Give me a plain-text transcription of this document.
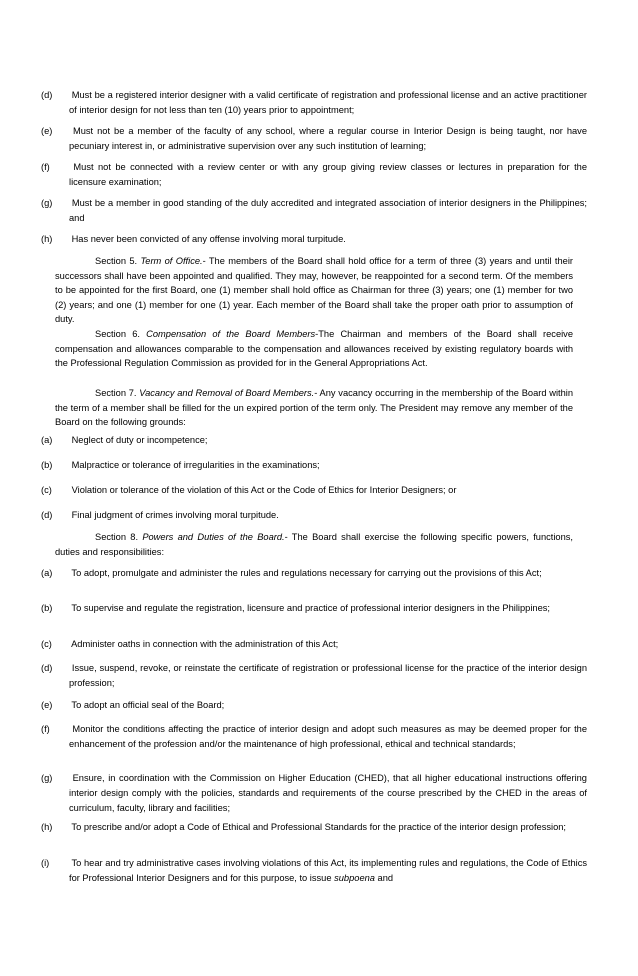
(d) Must be a registered interior designer with a valid certificate of registration and professional license and an active practitioner of interior design for not less than ten (10) years prior to appointment;

(e) Must not be a member of the faculty of any school, where a regular course in Interior Design is being taught, nor have pecuniary interest in, or administrative supervision over any such institution of learning;

(f)	Must not be connected with a review center or with any group giving review classes or lectures in preparation for the licensure examination;

(g) Must be a member in good standing of the duly accredited and integrated association of interior designers in the Philippines; and

(h) Has never been convicted of any offense involving moral turpitude.

Section 5. Term of Office.- The members of the Board shall hold office for a term of three (3) years and until their successors shall have been appointed and qualified. They may, however, be reappointed for a second term. Of the members to be appointed for the first Board, one (1) member shall hold office as Chairman for three (3) years; one (1) member for two (2) years; and one (1) member for one (1) year. Each member of the Board shall take the proper oath prior to assumption of duty.

Section 6. Compensation of the Board Members-The Chairman and members of the Board shall receive compensation and allowances comparable to the compensation and allowances received by existing regulatory boards with the Professional Regulation Commission as provided for in the General Appropriations Act.

Section 7. Vacancy and Removal of Board Members.- Any vacancy occurring in the membership of the Board within the term of a member shall be filled for the un expired portion of the term only. The President may remove any member of the Board on the following grounds:

(a) Neglect of duty or incompetence;

(b) Malpractice or tolerance of irregularities in the examinations;

(c) Violation or tolerance of the violation of this Act or the Code of Ethics for Interior Designers; or

(d) Final judgment of crimes involving moral turpitude.

Section 8. Powers and Duties of the Board.- The Board shall exercise the following specific powers, functions, duties and responsibilities:

(a) To adopt, promulgate and administer the rules and regulations necessary for carrying out the provisions of this Act;

(b) To supervise and regulate the registration, licensure and practice of professional interior designers in the Philippines;

(c) Administer oaths in connection with the administration of this Act;

(d) Issue, suspend, revoke, or reinstate the certificate of registration or professional license for the practice of the interior design profession;

(e) To adopt an official seal of the Board;

(f) Monitor the conditions affecting the practice of interior design and adopt such measures as may be deemed proper for the enhancement of the profession and/or the maintenance of high professional, ethical and technical standards;

(g) Ensure, in coordination with the Commission on Higher Education (CHED), that all higher educational instructions offering interior design comply with the policies, standards and requirements of the course prescribed by the CHED in the areas of curriculum, faculty, library and facilities;

(h) To prescribe and/or adopt a Code of Ethical and Professional Standards for the practice of the interior design profession;

(i) To hear and try administrative cases involving violations of this Act, its implementing rules and regulations, the Code of Ethics for Professional Interior Designers and for this purpose, to issue subpoena and
